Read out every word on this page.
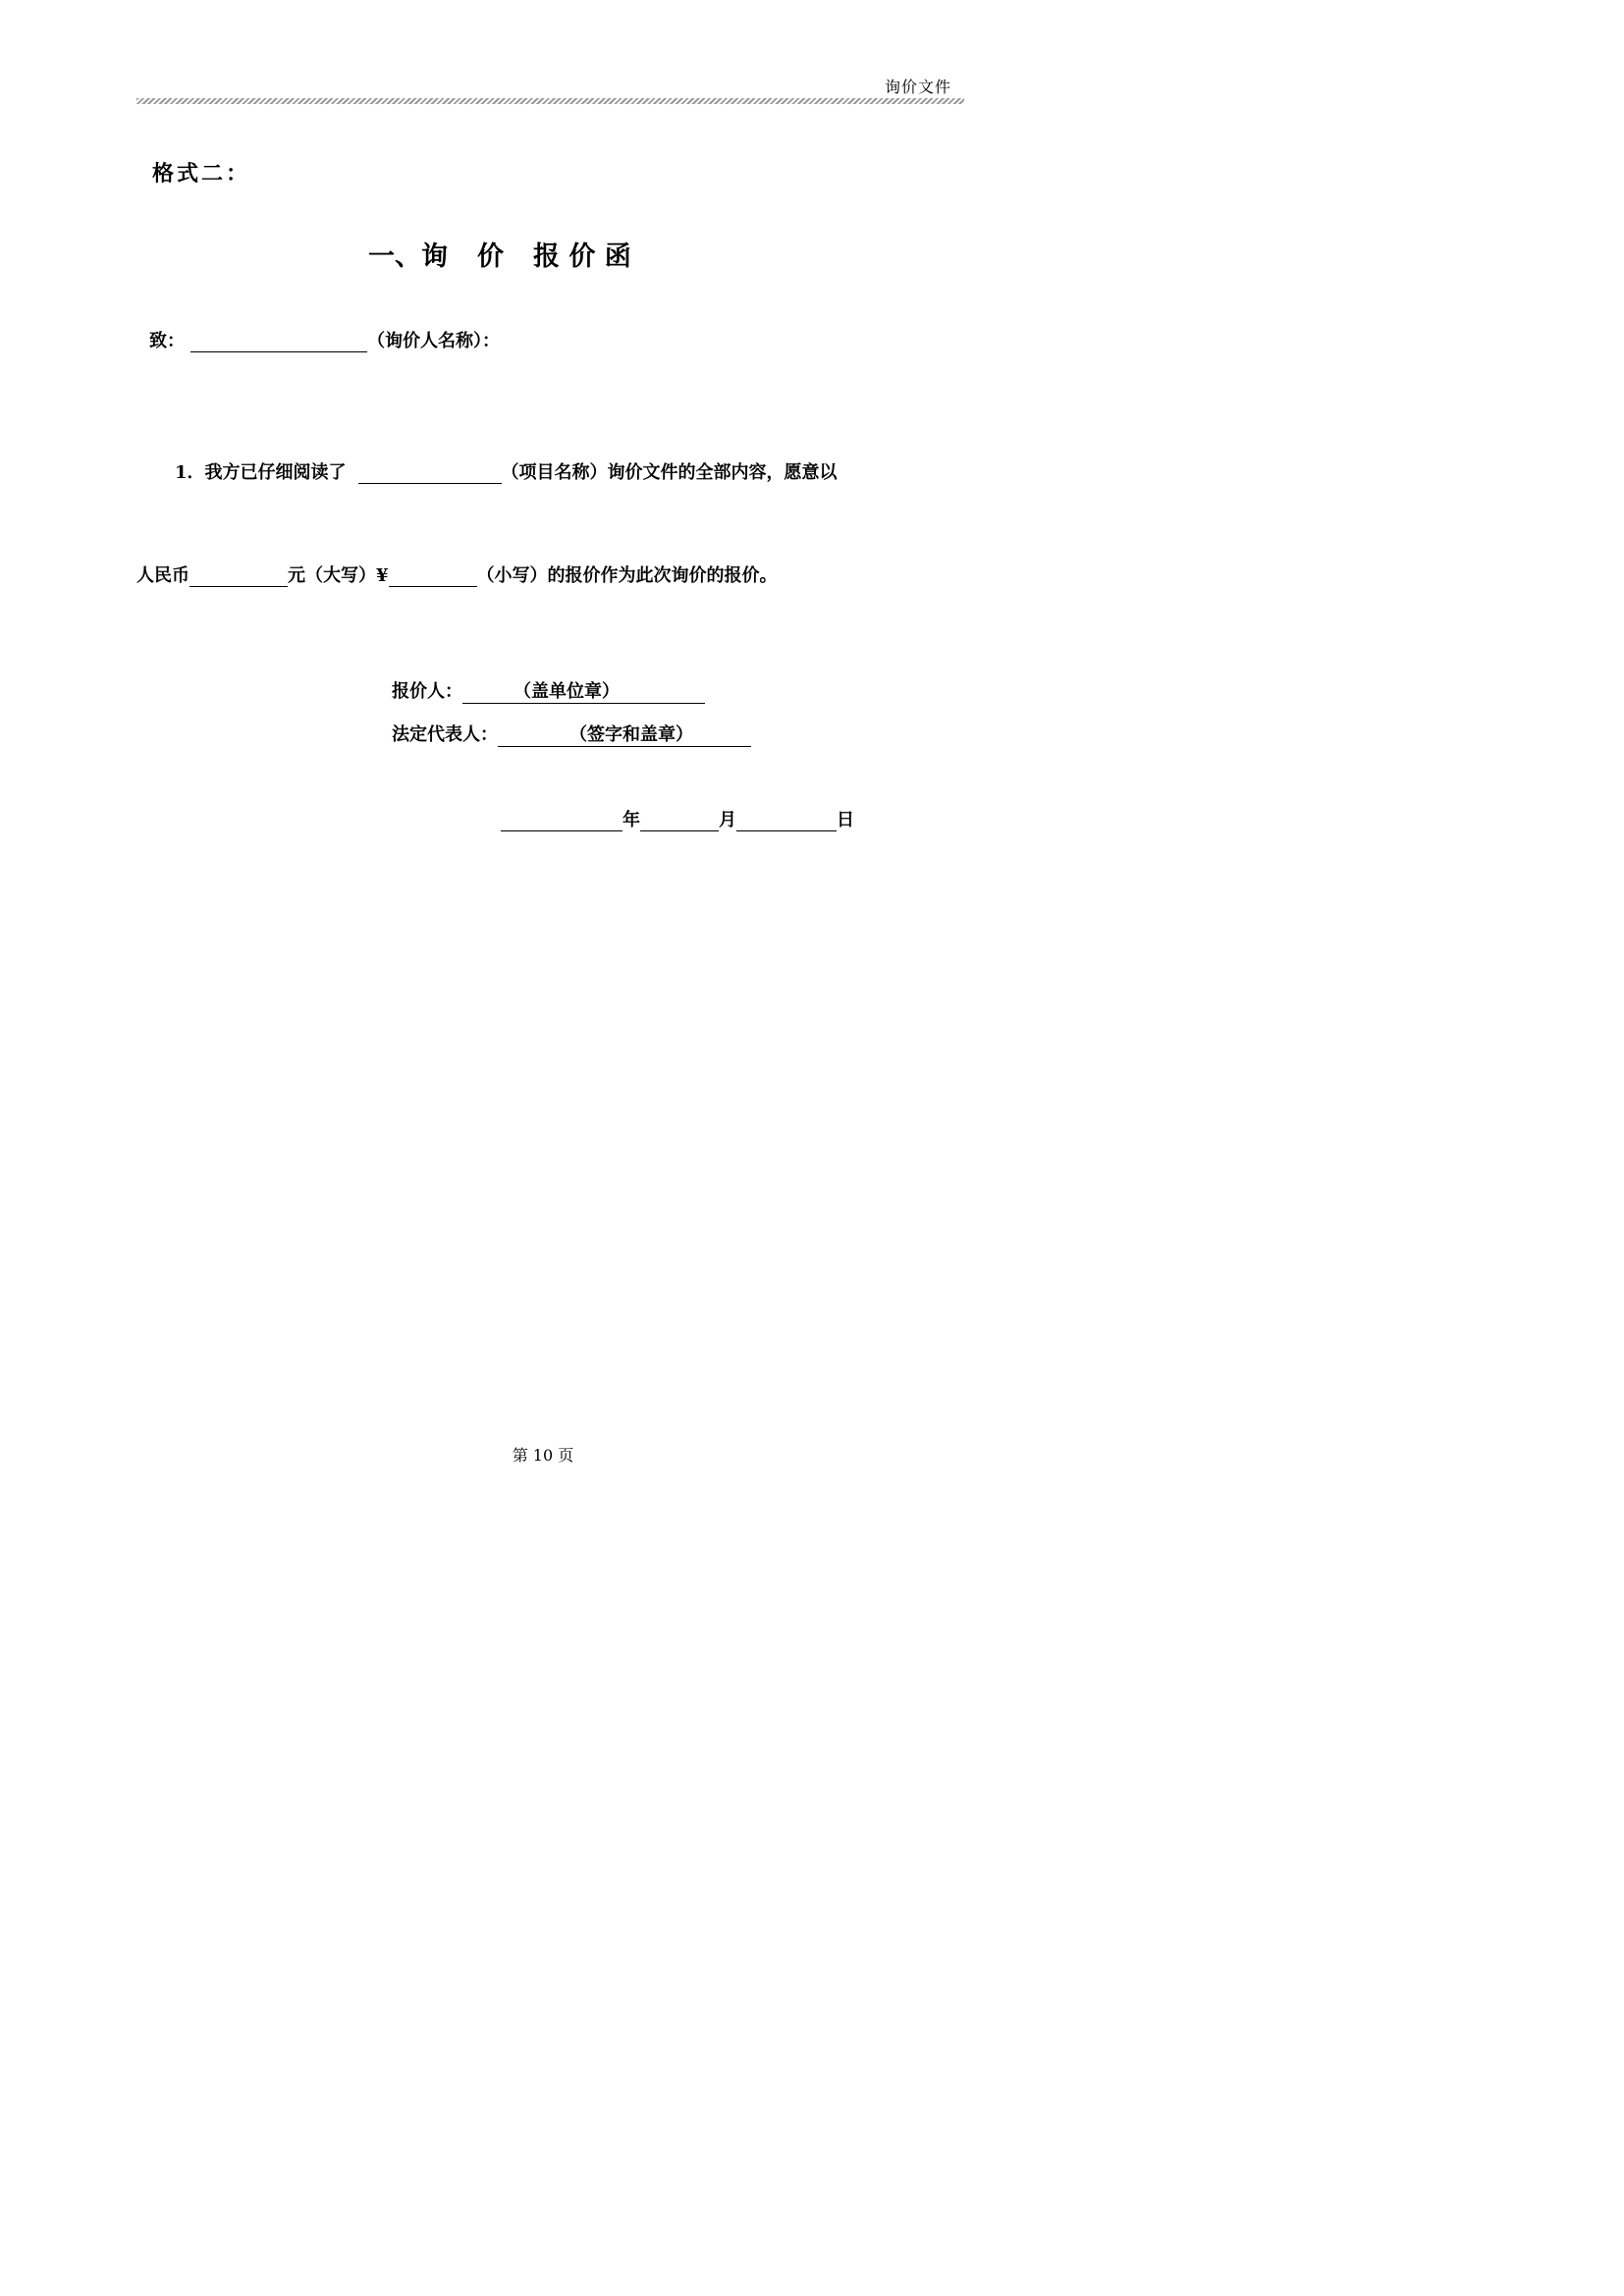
询价文件
格式二：
一、询 价 报 价 函
致：	（询价人名称）：
1．我方已仔细阅读了	（项目名称）询价文件的全部内容，愿意以
人民币	元（大写）¥	（小写）的报价作为此次询价的报价。
报价人：	（盖单位章）
法定代表人：	（签字和盖章）
年	月	日
第 10 页
